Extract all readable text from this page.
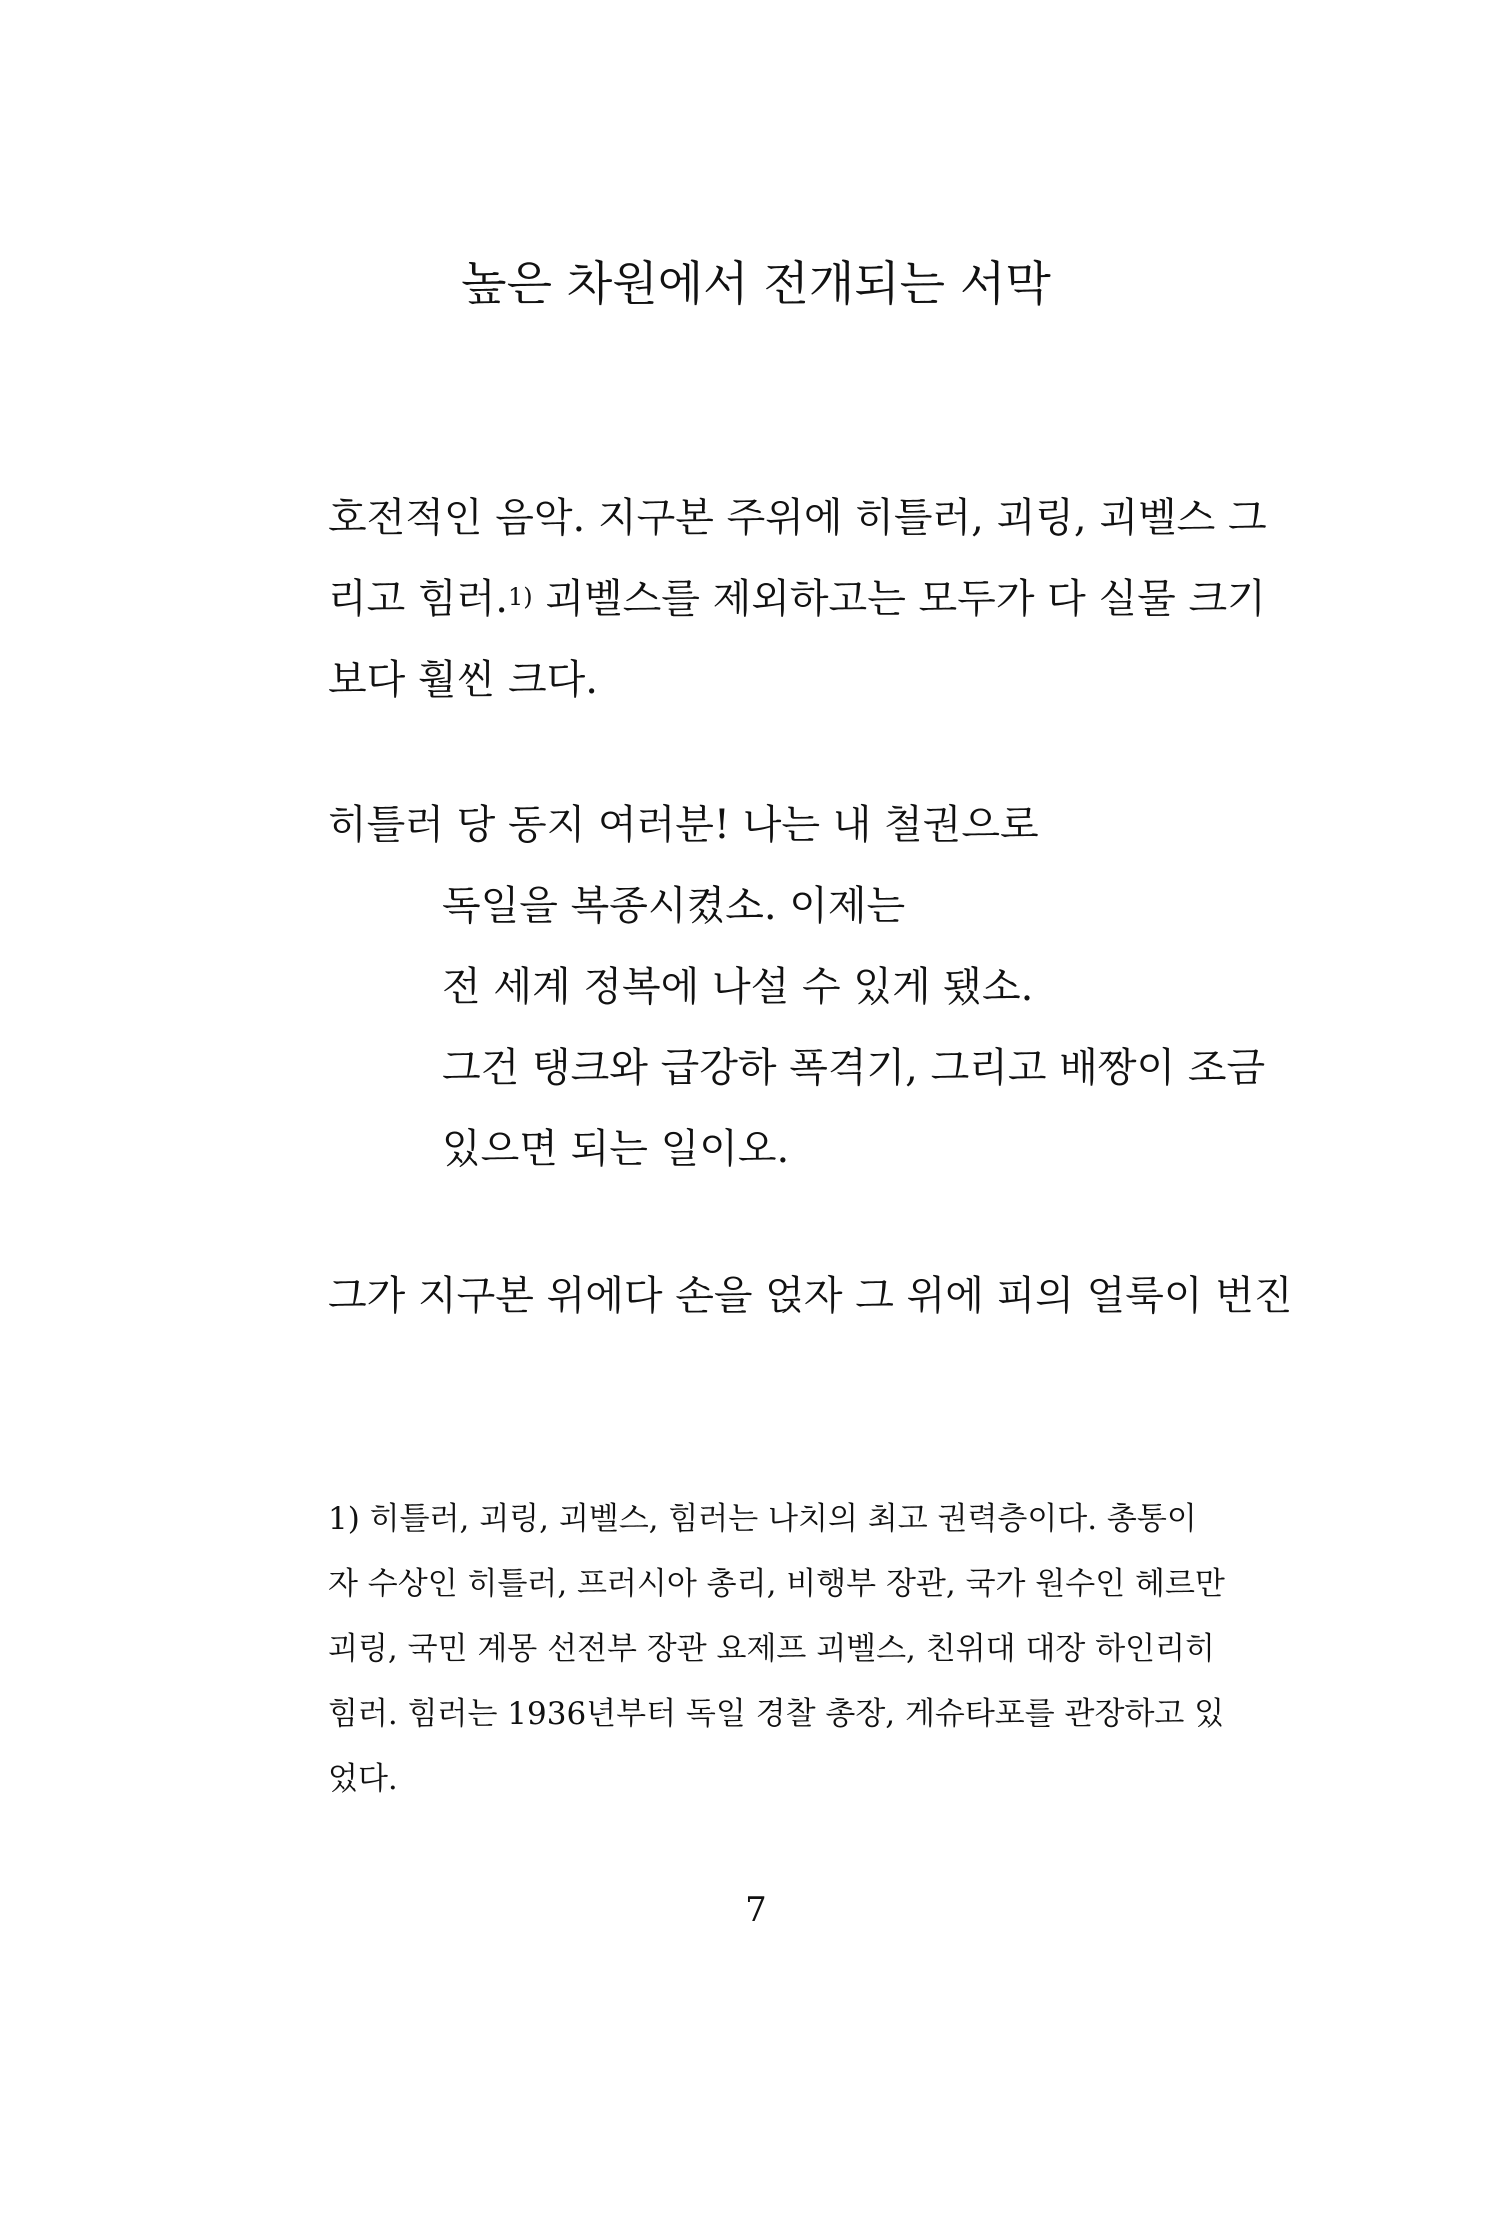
높은 차원에서 전개되는 서막
호전적인 음악. 지구본 주위에 히틀러, 괴링, 괴벨스 그
리고 힘러.$^{1)}$ 괴벨스를 제외하고는 모두가 다 실물 크기
보다 훨씬 크다.
히틀러 당 동지 여러분! 나는 내 철권으로
독일을 복종시켰소. 이제는
전 세계 정복에 나설 수 있게 됐소.
그건 탱크와 급강하 폭격기, 그리고 배짱이 조금
있으면 되는 일이오.
그가 지구본 위에다 손을 얹자 그 위에 피의 얼룩이 번진
1) 히틀러, 괴링, 괴벨스, 힘러는 나치의 최고 권력층이다. 총통이
자 수상인 히틀러, 프러시아 총리, 비행부 장관, 국가 원수인 헤르만
괴링, 국민 계몽 선전부 장관 요제프 괴벨스, 친위대 대장 하인리히
힘러. 힘러는 1936년부터 독일 경찰 총장, 게슈타포를 관장하고 있
었다.
7
